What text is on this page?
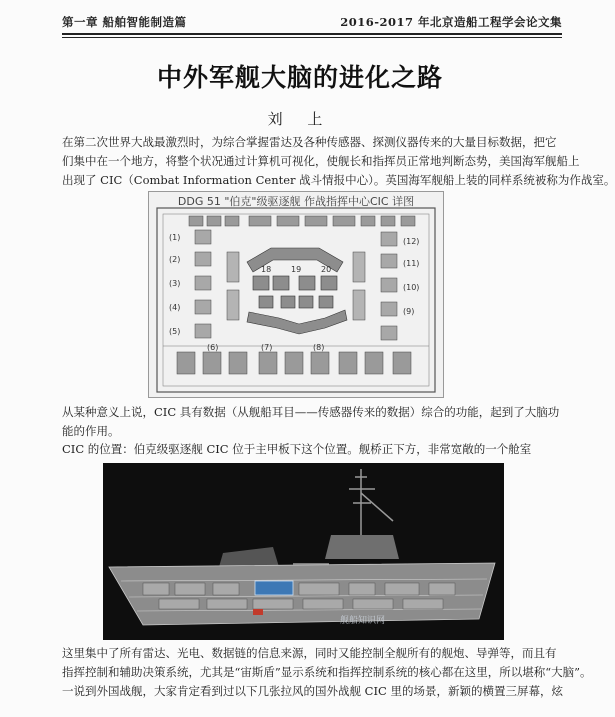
第一章 船舶智能制造篇	2016-2017 年北京造船工程学会论文集
中外军舰大脑的进化之路
刘 上
在第二次世界大战最激烈时，为综合掌握雷达及各种传感器、探测仪器传来的大量目标数据，把它
们集中在一个地方，将整个状况通过计算机可视化，使舰长和指挥员正常地判断态势，美国海军舰船上
出现了 CIC（Combat Information Center 战斗情报中心）。英国海军舰船上装的同样系统被称为作战室。
DDG 51 "伯克"级驱逐舰 作战指挥中心CIC 详图
(1)
(2)
(3)
(4)
(5)
(12)
(11)
(10)
(9)
(6)	(7)	(8)
18 19 20
从某种意义上说，CIC 具有数据（从舰船耳目——传感器传来的数据）综合的功能，起到了大脑功
能的作用。
CIC 的位置：伯克级驱逐舰 CIC 位于主甲板下这个位置。舰桥正下方，非常宽敞的一个舱室
舰船知识网
这里集中了所有雷达、光电、数据链的信息来源，同时又能控制全舰所有的舰炮、导弹等，而且有
指挥控制和辅助决策系统，尤其是“宙斯盾”显示系统和指挥控制系统的核心都在这里，所以堪称“大脑”。
一说到外国战舰，大家肯定看到过以下几张拉风的国外战舰 CIC 里的场景，新颖的横置三屏幕，炫
